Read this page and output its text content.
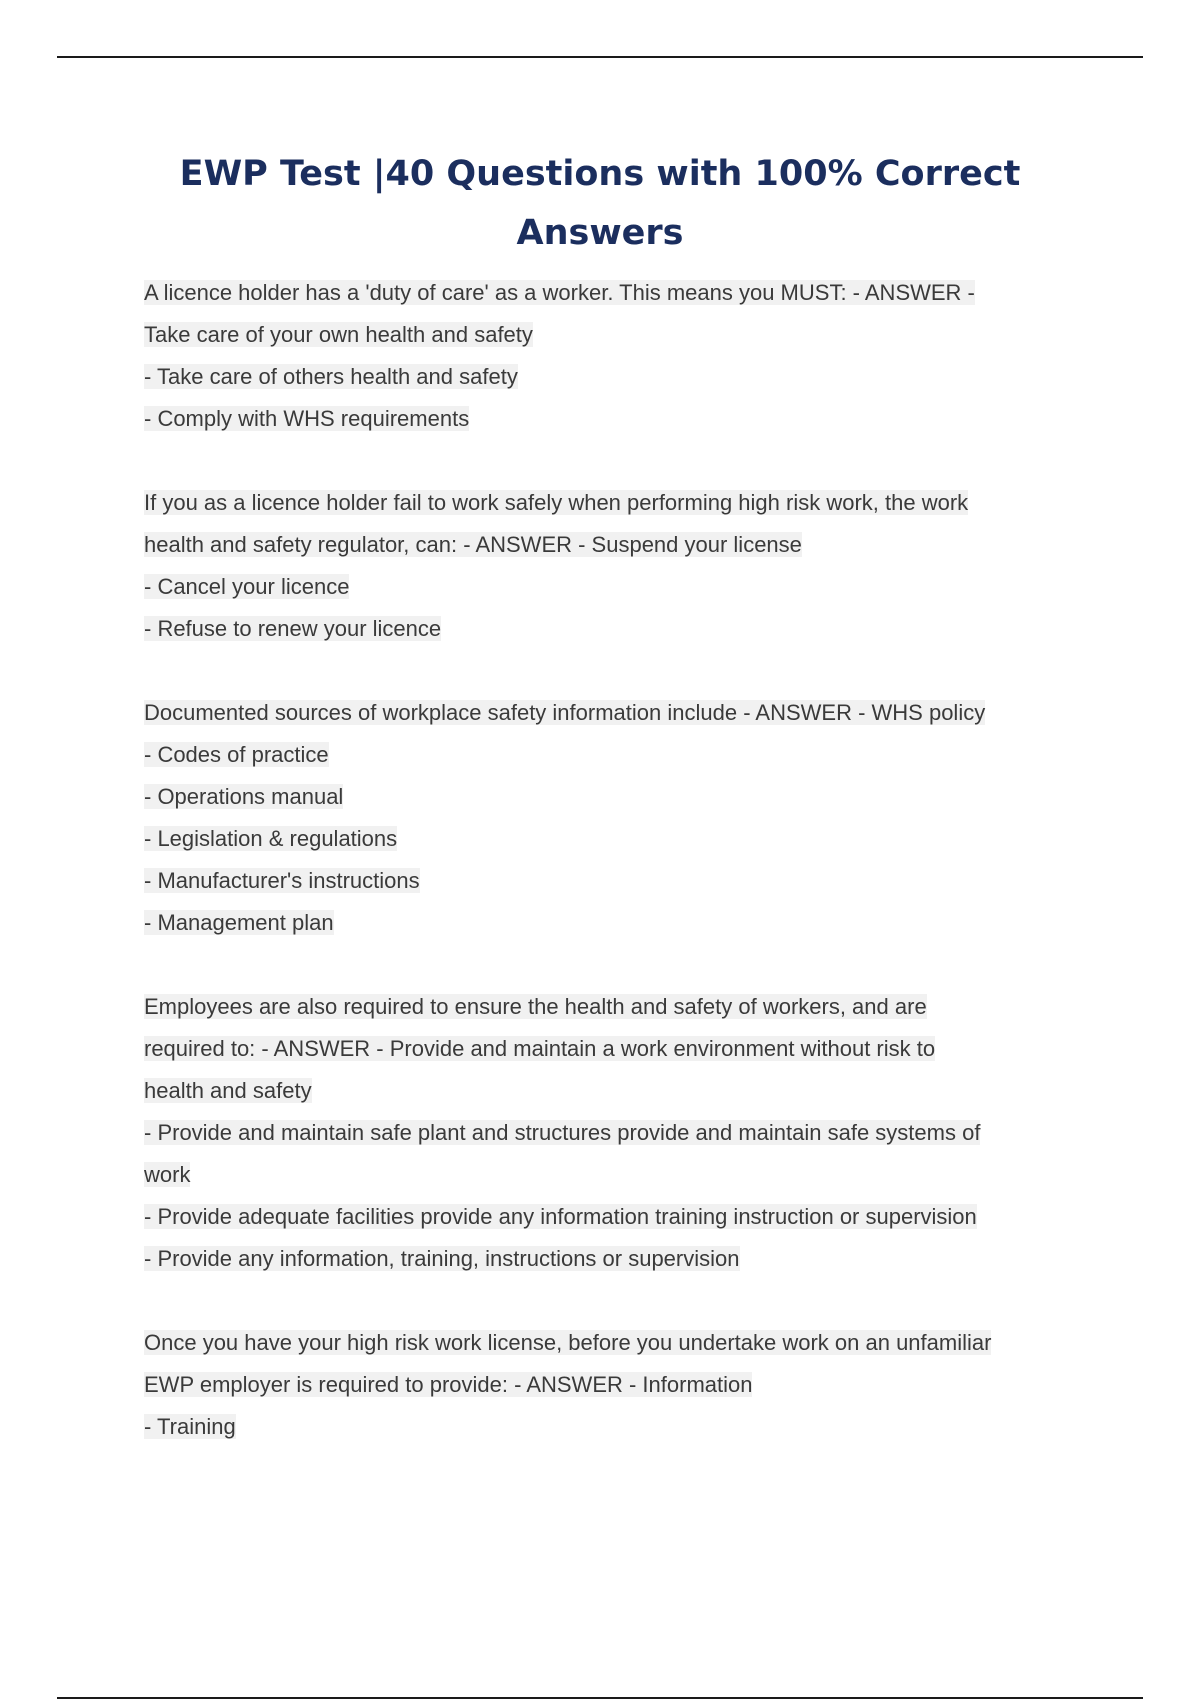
EWP Test |40 Questions with 100% Correct
Answers
A licence holder has a 'duty of care' as a worker. This means you MUST: - ANSWER -
Take care of your own health and safety
- Take care of others health and safety
- Comply with WHS requirements
If you as a licence holder fail to work safely when performing high risk work, the work
health and safety regulator, can: - ANSWER - Suspend your license
- Cancel your licence
- Refuse to renew your licence
Documented sources of workplace safety information include - ANSWER - WHS policy
- Codes of practice
- Operations manual
- Legislation & regulations
- Manufacturer's instructions
- Management plan
Employees are also required to ensure the health and safety of workers, and are
required to: - ANSWER - Provide and maintain a work environment without risk to
health and safety
- Provide and maintain safe plant and structures provide and maintain safe systems of
work
- Provide adequate facilities provide any information training instruction or supervision
- Provide any information, training, instructions or supervision
Once you have your high risk work license, before you undertake work on an unfamiliar
EWP employer is required to provide: - ANSWER - Information
- Training
